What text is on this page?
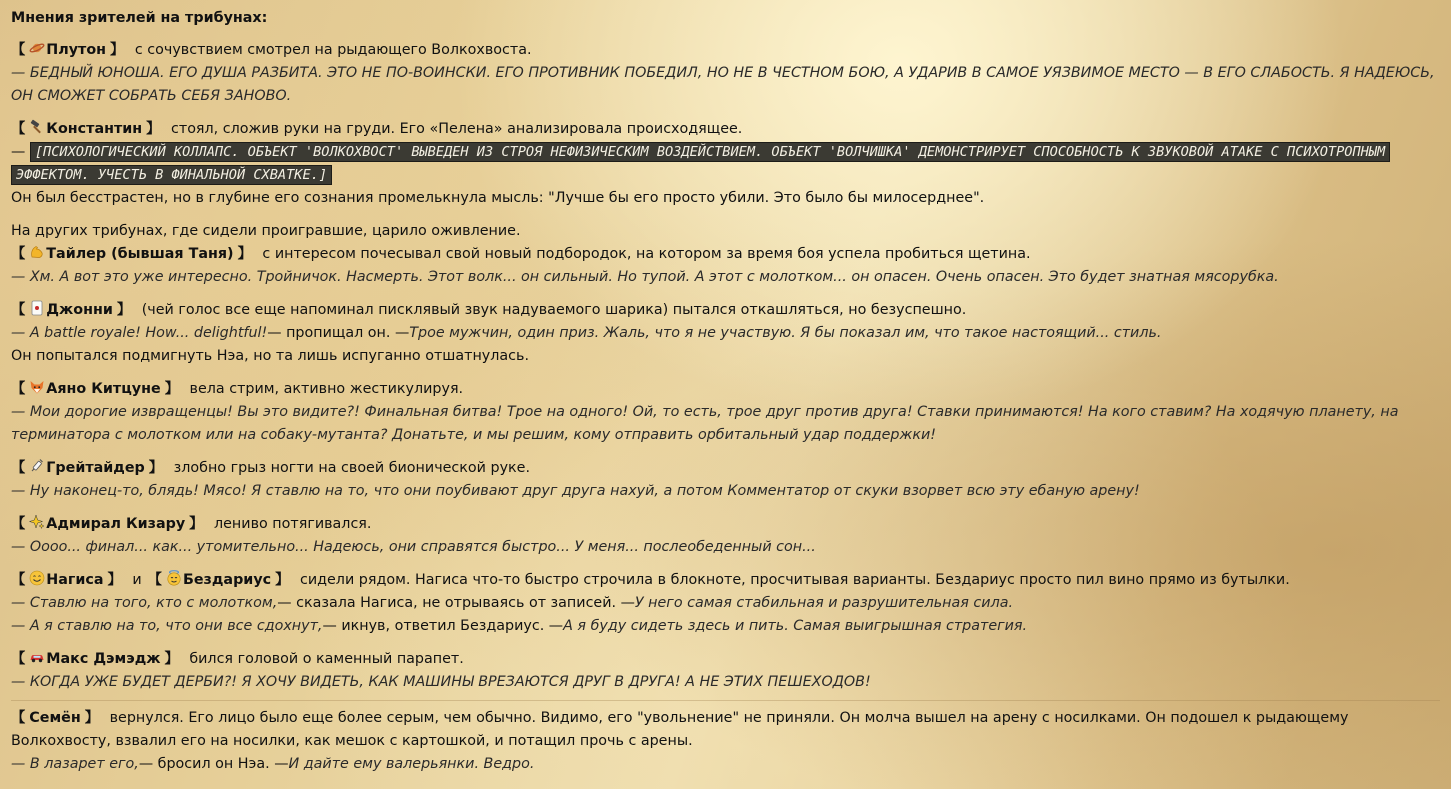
Мнения зрителей на трибунах:

【 Плутон 】 с сочувствием смотрел на рыдающего Волкохвоста.

— БЕДНЫЙ ЮНОША. ЕГО ДУША РАЗБИТА. ЭТО НЕ ПО-ВОИНСКИ. ЕГО ПРОТИВНИК ПОБЕДИЛ, НО НЕ В ЧЕСТНОМ БОЮ, А УДАРИВ В САМОЕ УЯЗВИМОЕ МЕСТО — В ЕГО СЛАБОСТЬ. Я НАДЕЮСЬ, ОН СМОЖЕТ СОБРАТЬ СЕБЯ ЗАНОВО.

【 Константин 】 стоял, сложив руки на груди. Его «Пелена» анализировала происходящее.

— [ПСИХОЛОГИЧЕСКИЙ КОЛЛАПС. ОБЪЕКТ 'ВОЛКОХВОСТ' ВЫВЕДЕН ИЗ СТРОЯ НЕФИЗИЧЕСКИМ ВОЗДЕЙСТВИЕМ. ОБЪЕКТ 'ВОЛЧИШКА' ДЕМОНСТРИРУЕТ СПОСОБНОСТЬ К ЗВУКОВОЙ АТАКЕ С ПСИХОТРОПНЫМ ЭФФЕКТОМ. УЧЕСТЬ В ФИНАЛЬНОЙ СХВАТКЕ.]

Он был бесстрастен, но в глубине его сознания промелькнула мысль: "Лучше бы его просто убили. Это было бы милосерднее".

На других трибунах, где сидели проигравшие, царило оживление.

【 Тайлер (бывшая Таня) 】 с интересом почесывал свой новый подбородок, на котором за время боя успела пробиться щетина.

— Хм. А вот это уже интересно. Тройничок. Насмерть. Этот волк... он сильный. Но тупой. А этот с молотком... он опасен. Очень опасен. Это будет знатная мясорубка.

【 Джонни 】 (чей голос все еще напоминал писклявый звук надуваемого шарика) пытался откашляться, но безуспешно.

— A battle royale! How... delightful!— пропищал он. —Трое мужчин, один приз. Жаль, что я не участвую. Я бы показал им, что такое настоящий... стиль.

Он попытался подмигнуть Нэа, но та лишь испуганно отшатнулась.

【 Аяно Китцуне 】 вела стрим, активно жестикулируя.

— Мои дорогие извращенцы! Вы это видите?! Финальная битва! Трое на одного! Ой, то есть, трое друг против друга! Ставки принимаются! На кого ставим? На ходячую планету, на терминатора с молотком или на собаку-мутанта? Донатьте, и мы решим, кому отправить орбитальный удар поддержки!

【 Грейтайдер 】 злобно грыз ногти на своей бионической руке.

— Ну наконец-то, блядь! Мясо! Я ставлю на то, что они поубивают друг друга нахуй, а потом Комментатор от скуки взорвет всю эту ебаную арену!

【 Адмирал Кизару 】 лениво потягивался.

— Оооо... финал... как... утомительно... Надеюсь, они справятся быстро... У меня... послеобеденный сон...

【 Нагиса 】 и 【 Бездариус 】 сидели рядом. Нагиса что-то быстро строчила в блокноте, просчитывая варианты. Бездариус просто пил вино прямо из бутылки.

— Ставлю на того, кто с молотком,— сказала Нагиса, не отрываясь от записей. —У него самая стабильная и разрушительная сила.

— А я ставлю на то, что они все сдохнут,— икнув, ответил Бездариус. —А я буду сидеть здесь и пить. Самая выигрышная стратегия.

【 Макс Дэмэдж 】 бился головой о каменный парапет.

— КОГДА УЖЕ БУДЕТ ДЕРБИ?! Я ХОЧУ ВИДЕТЬ, КАК МАШИНЫ ВРЕЗАЮТСЯ ДРУГ В ДРУГА! А НЕ ЭТИХ ПЕШЕХОДОВ!

【 Семён 】 вернулся. Его лицо было еще более серым, чем обычно. Видимо, его "увольнение" не приняли. Он молча вышел на арену с носилками. Он подошел к рыдающему Волкохвосту, взвалил его на носилки, как мешок с картошкой, и потащил прочь с арены.

— В лазарет его,— бросил он Нэа. —И дайте ему валерьянки. Ведро.
